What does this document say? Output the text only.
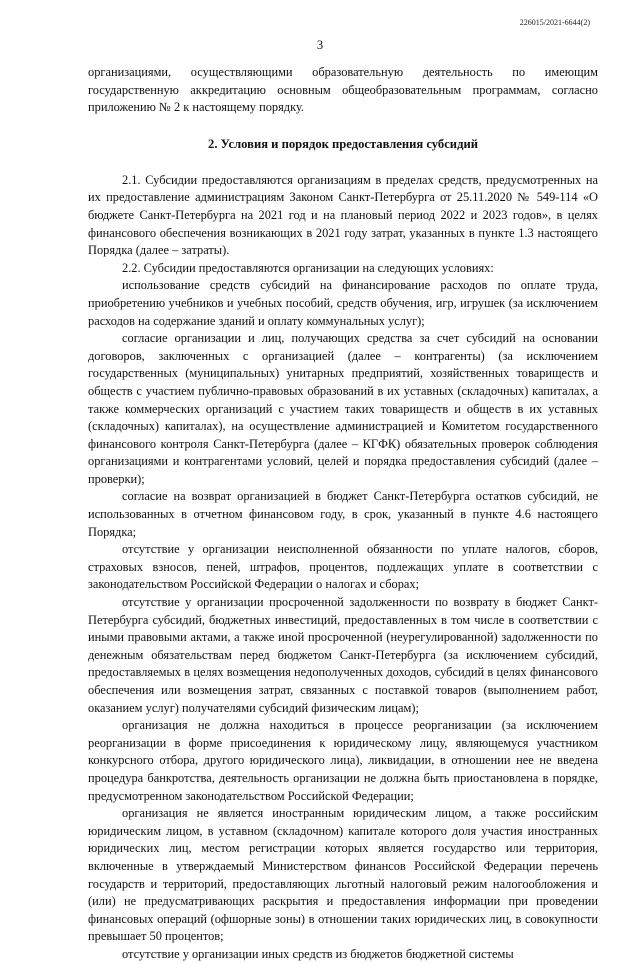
226015/2021-6644(2)
3

организациями, осуществляющими образовательную деятельность по имеющим государственную аккредитацию основным общеобразовательным программам, согласно приложению № 2 к настоящему порядку.

2. Условия и порядок предоставления субсидий

2.1. Субсидии предоставляются организациям в пределах средств, предусмотренных на их предоставление администрациям Законом Санкт-Петербурга от 25.11.2020 № 549-114 «О бюджете Санкт-Петербурга на 2021 год и на плановый период 2022 и 2023 годов», в целях финансового обеспечения возникающих в 2021 году затрат, указанных в пункте 1.3 настоящего Порядка (далее – затраты).

2.2. Субсидии предоставляются организации на следующих условиях:

использование средств субсидий на финансирование расходов по оплате труда, приобретению учебников и учебных пособий, средств обучения, игр, игрушек (за исключением расходов на содержание зданий и оплату коммунальных услуг);

согласие организации и лиц, получающих средства за счет субсидий на основании договоров, заключенных с организацией (далее – контрагенты) (за исключением государственных (муниципальных) унитарных предприятий, хозяйственных товариществ и обществ с участием публично-правовых образований в их уставных (складочных) капиталах, а также коммерческих организаций с участием таких товариществ и обществ в их уставных (складочных) капиталах), на осуществление администрацией и Комитетом государственного финансового контроля Санкт-Петербурга (далее – КГФК) обязательных проверок соблюдения организациями и контрагентами условий, целей и порядка предоставления субсидий (далее – проверки);

согласие на возврат организацией в бюджет Санкт-Петербурга остатков субсидий, не использованных в отчетном финансовом году, в срок, указанный в пункте 4.6 настоящего Порядка;

отсутствие у организации неисполненной обязанности по уплате налогов, сборов, страховых взносов, пеней, штрафов, процентов, подлежащих уплате в соответствии с законодательством Российской Федерации о налогах и сборах;

отсутствие у организации просроченной задолженности по возврату в бюджет Санкт-Петербурга субсидий, бюджетных инвестиций, предоставленных в том числе в соответствии с иными правовыми актами, а также иной просроченной (неурегулированной) задолженности по денежным обязательствам перед бюджетом Санкт-Петербурга (за исключением субсидий, предоставляемых в целях возмещения недополученных доходов, субсидий в целях финансового обеспечения или возмещения затрат, связанных с поставкой товаров (выполнением работ, оказанием услуг) получателями субсидий физическим лицам);

организация не должна находиться в процессе реорганизации (за исключением реорганизации в форме присоединения к юридическому лицу, являющемуся участником конкурсного отбора, другого юридического лица), ликвидации, в отношении нее не введена процедура банкротства, деятельность организации не должна быть приостановлена в порядке, предусмотренном законодательством Российской Федерации;

организация не является иностранным юридическим лицом, а также российским юридическим лицом, в уставном (складочном) капитале которого доля участия иностранных юридических лиц, местом регистрации которых является государство или территория, включенные в утверждаемый Министерством финансов Российской Федерации перечень государств и территорий, предоставляющих льготный налоговый режим налогообложения и (или) не предусматривающих раскрытия и предоставления информации при проведении финансовых операций (офшорные зоны) в отношении таких юридических лиц, в совокупности превышает 50 процентов;

отсутствие у организации иных средств из бюджетов бюджетной системы
